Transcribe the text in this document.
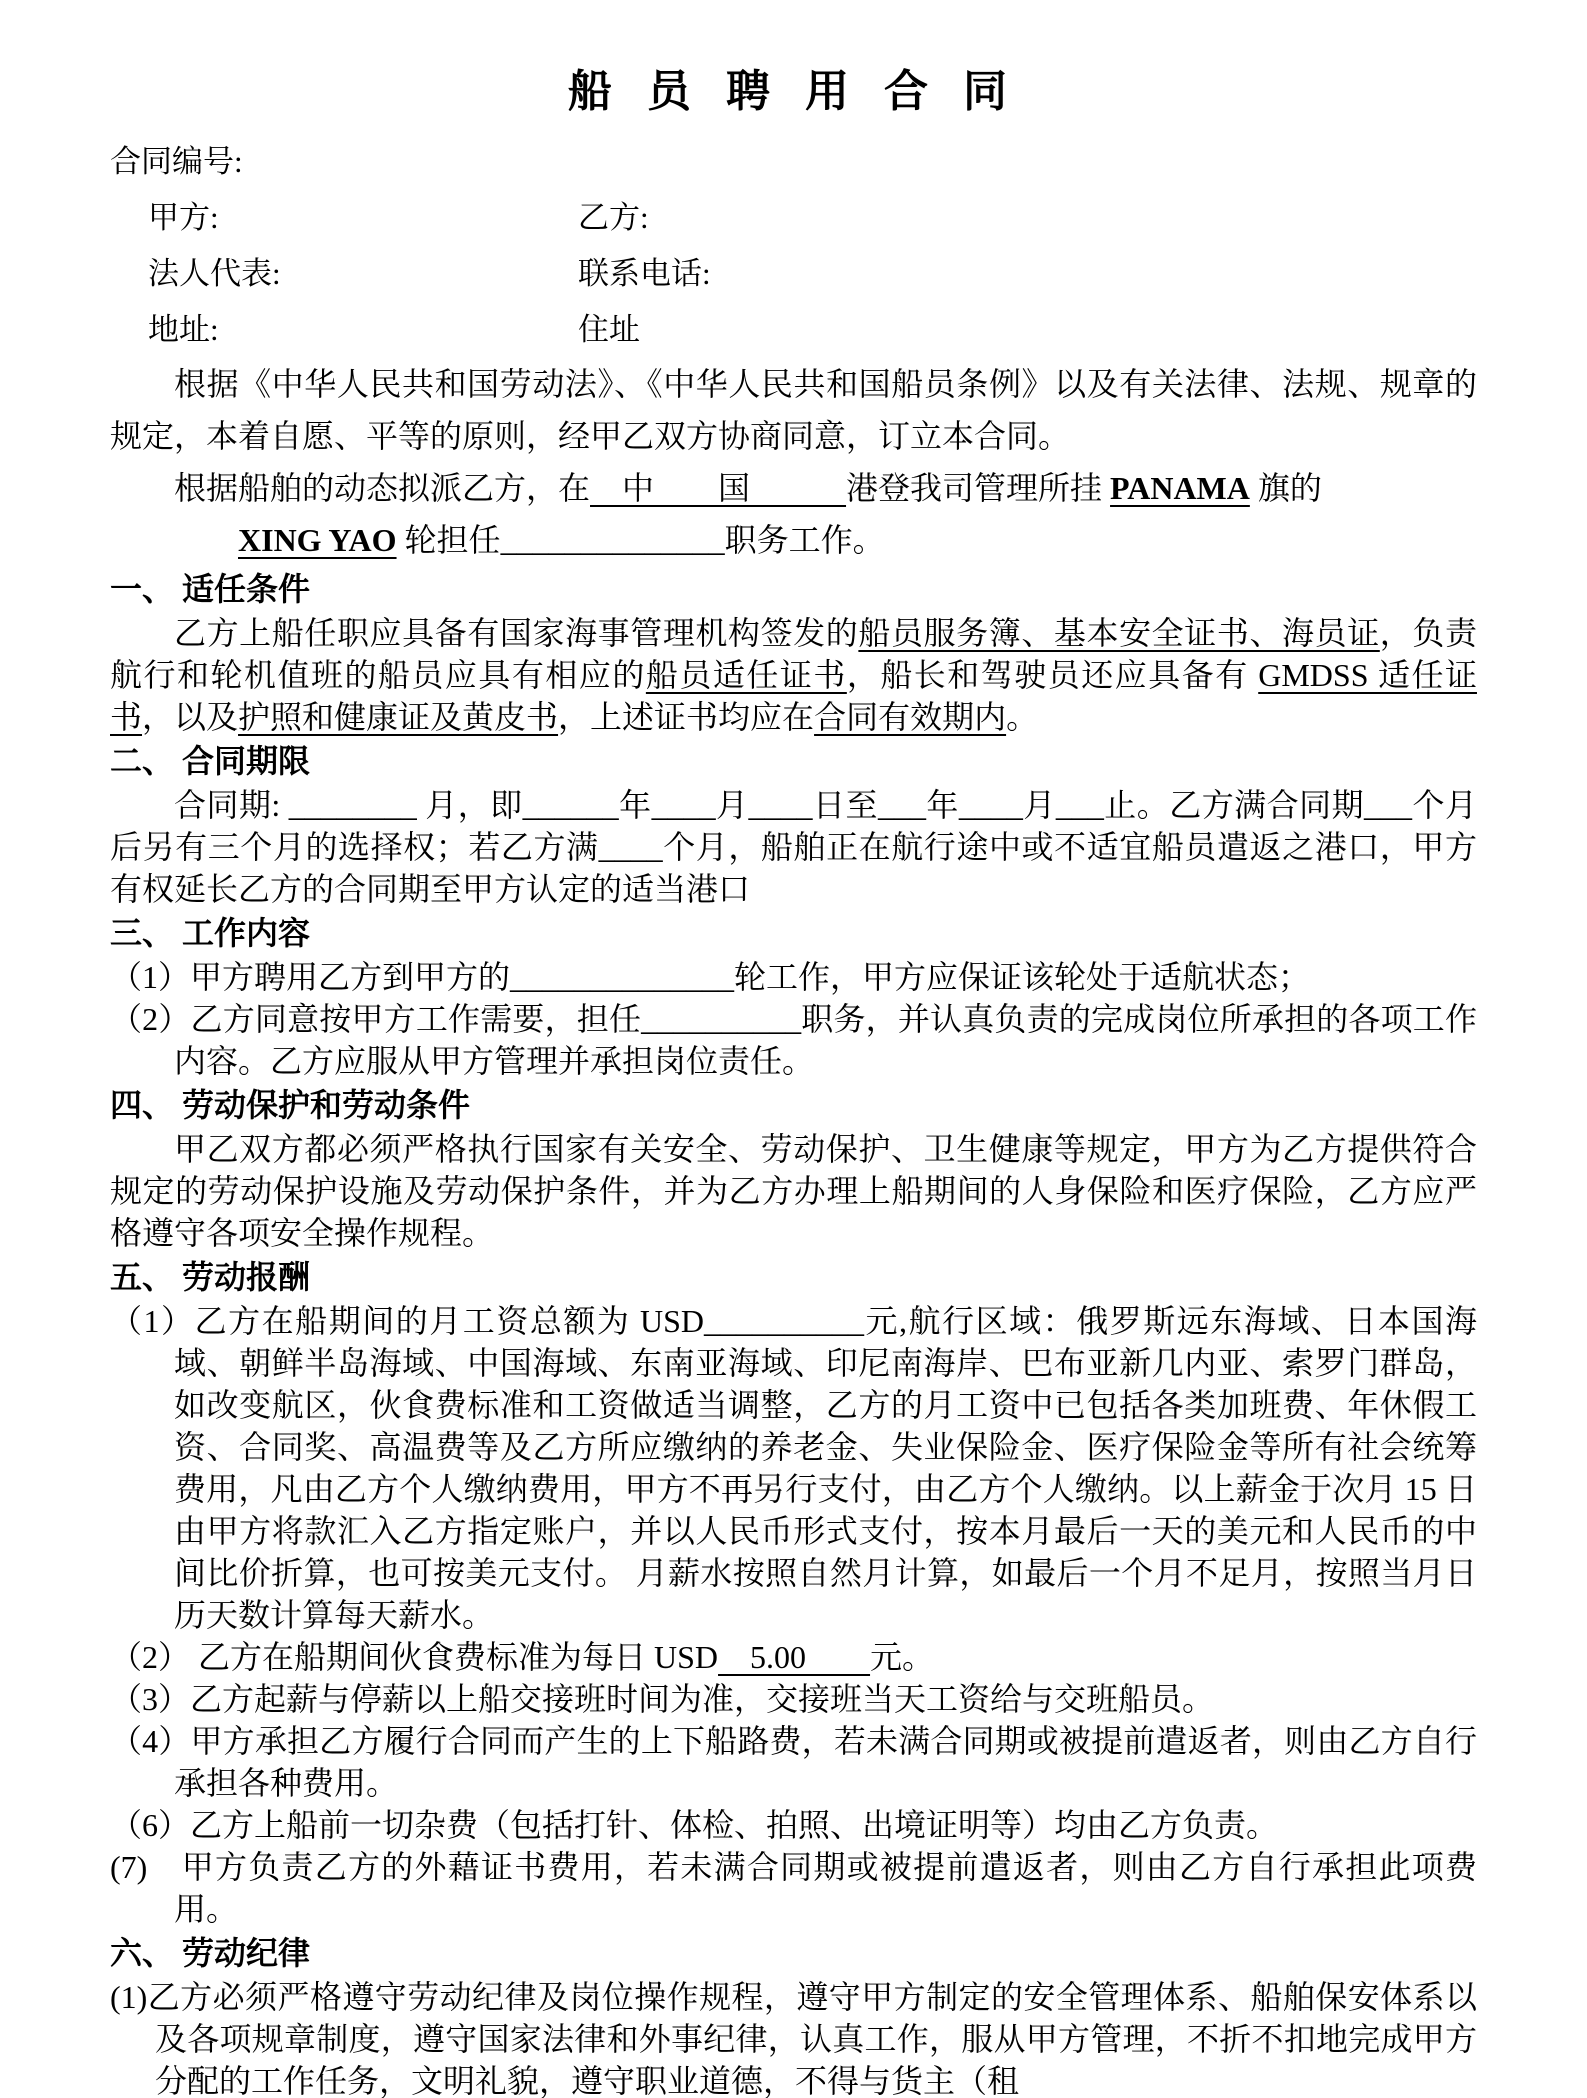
船 员 聘 用 合 同
合同编号:
甲方:	乙方:
法人代表:	联系电话:
地址:	住址
根据《中华人民共和国劳动法》、《中华人民共和国船员条例》以及有关法律、法规、规章的规定，本着自愿、平等的原则，经甲乙双方协商同意，订立本合同。
根据船舶的动态拟派乙方，在　中　　国　　　港登我司管理所挂 PANAMA 旗的
XING YAO 轮担任______________职务工作。
一、 适任条件
乙方上船任职应具备有国家海事管理机构签发的船员服务簿、基本安全证书、海员证，负责航行和轮机值班的船员应具有相应的船员适任证书，船长和驾驶员还应具备有 GMDSS 适任证书，以及护照和健康证及黄皮书，上述证书均应在合同有效期内。
二、 合同期限
合同期: ________ 月，即______年____月____日至___年____月___止。乙方满合同期___个月后另有三个月的选择权；若乙方满____个月，船舶正在航行途中或不适宜船员遣返之港口，甲方有权延长乙方的合同期至甲方认定的适当港口
三、 工作内容
（1）甲方聘用乙方到甲方的______________轮工作，甲方应保证该轮处于适航状态；
（2）乙方同意按甲方工作需要，担任__________职务，并认真负责的完成岗位所承担的各项工作内容。乙方应服从甲方管理并承担岗位责任。
四、 劳动保护和劳动条件
甲乙双方都必须严格执行国家有关安全、劳动保护、卫生健康等规定，甲方为乙方提供符合规定的劳动保护设施及劳动保护条件，并为乙方办理上船期间的人身保险和医疗保险，乙方应严格遵守各项安全操作规程。
五、 劳动报酬
（1）乙方在船期间的月工资总额为 USD__________元,航行区域：俄罗斯远东海域、日本国海域、朝鲜半岛海域、中国海域、东南亚海域、印尼南海岸、巴布亚新几内亚、索罗门群岛，如改变航区，伙食费标准和工资做适当调整，乙方的月工资中已包括各类加班费、年休假工资、合同奖、高温费等及乙方所应缴纳的养老金、失业保险金、医疗保险金等所有社会统筹费用，凡由乙方个人缴纳费用，甲方不再另行支付，由乙方个人缴纳。以上薪金于次月 15 日由甲方将款汇入乙方指定账户，并以人民币形式支付，按本月最后一天的美元和人民币的中间比价折算，也可按美元支付。 月薪水按照自然月计算，如最后一个月不足月，按照当月日历天数计算每天薪水。
（2） 乙方在船期间伙食费标准为每日 USD　5.00　　元。
（3）乙方起薪与停薪以上船交接班时间为准，交接班当天工资给与交班船员。
（4）甲方承担乙方履行合同而产生的上下船路费，若未满合同期或被提前遣返者，则由乙方自行承担各种费用。
（6）乙方上船前一切杂费（包括打针、体检、拍照、出境证明等）均由乙方负责。
(7)　甲方负责乙方的外藉证书费用，若未满合同期或被提前遣返者，则由乙方自行承担此项费用。
六、 劳动纪律
(1)乙方必须严格遵守劳动纪律及岗位操作规程，遵守甲方制定的安全管理体系、船舶保安体系以及各项规章制度，遵守国家法律和外事纪律，认真工作，服从甲方管理，不折不扣地完成甲方分配的工作任务，文明礼貌，遵守职业道德，不得与货主（租
